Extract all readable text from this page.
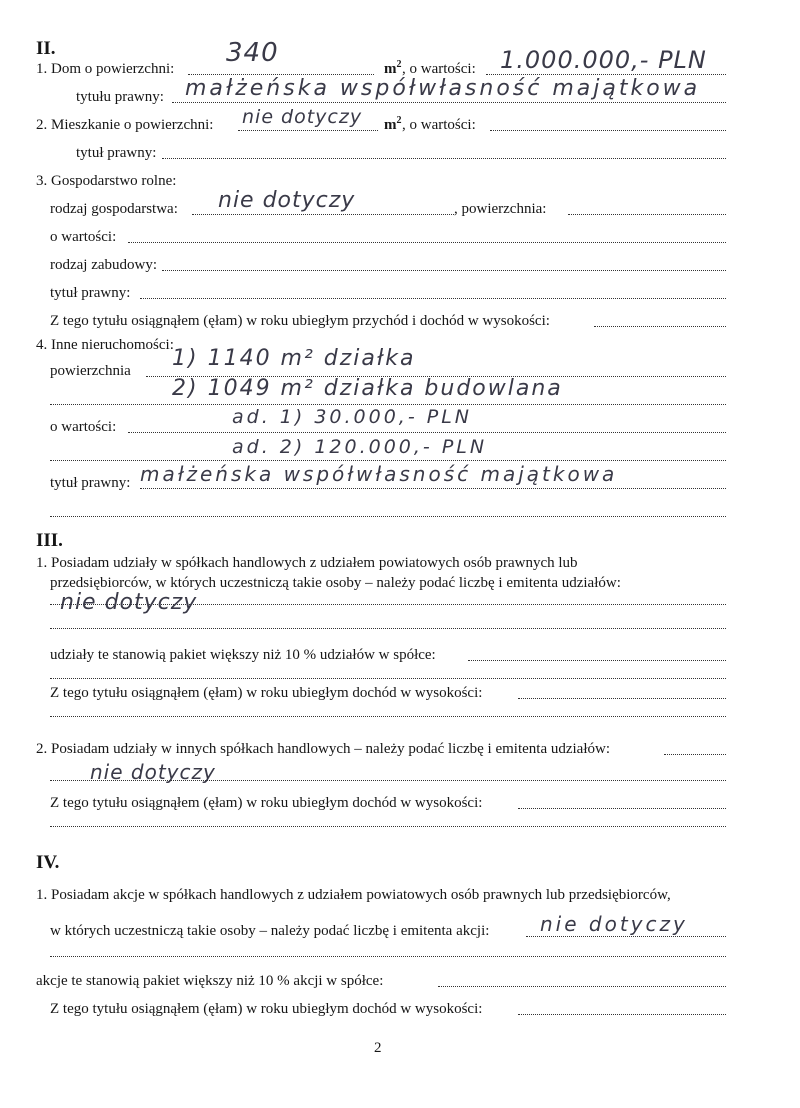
II.
1. Dom o powierzchni:
340
$m^2$ , o wartości: 1.000.000,- PLN
tytułu prawny: małżeńska współwłasność majątkowa
2. Mieszkanie o powierzchni: nie dotyczy $m^2$ , o wartości:
tytuł prawny:
3. Gospodarstwo rolne:
rodzaj gospodarstwa: nie dotyczy	, powierzchnia:
o wartości:
rodzaj zabudowy:
tytuł prawny:
Z tego tytułu osiągnąłem (ęłam) w roku ubiegłym przychód i dochód w wysokości:
4. Inne nieruchomości:
powierzchnia 1) 1140 m² działka
2) 1049 m² działka budowlana
o wartości:	ad. 1) 30.000,- PLN
ad. 2) 120.000,- PLN
tytuł prawny: małżeńska współwłasność majątkowa
III.
1. Posiadam udziały w spółkach handlowych z udziałem powiatowych osób prawnych lub
przedsiębiorców, w których uczestniczą takie osoby – należy podać liczbę i emitenta udziałów:
nie dotyczy
udziały te stanowią pakiet większy niż 10 % udziałów w spółce:
Z tego tytułu osiągnąłem (ęłam) w roku ubiegłym dochód w wysokości:
2. Posiadam udziały w innych spółkach handlowych – należy podać liczbę i emitenta udziałów:
nie dotyczy
Z tego tytułu osiągnąłem (ęłam) w roku ubiegłym dochód w wysokości:
IV.
1. Posiadam akcje w spółkach handlowych z udziałem powiatowych osób prawnych lub przedsiębiorców,
w których uczestniczą takie osoby – należy podać liczbę i emitenta akcji:	nie dotyczy
akcje te stanowią pakiet większy niż 10 % akcji w spółce:
Z tego tytułu osiągnąłem (ęłam) w roku ubiegłym dochód w wysokości:
2
